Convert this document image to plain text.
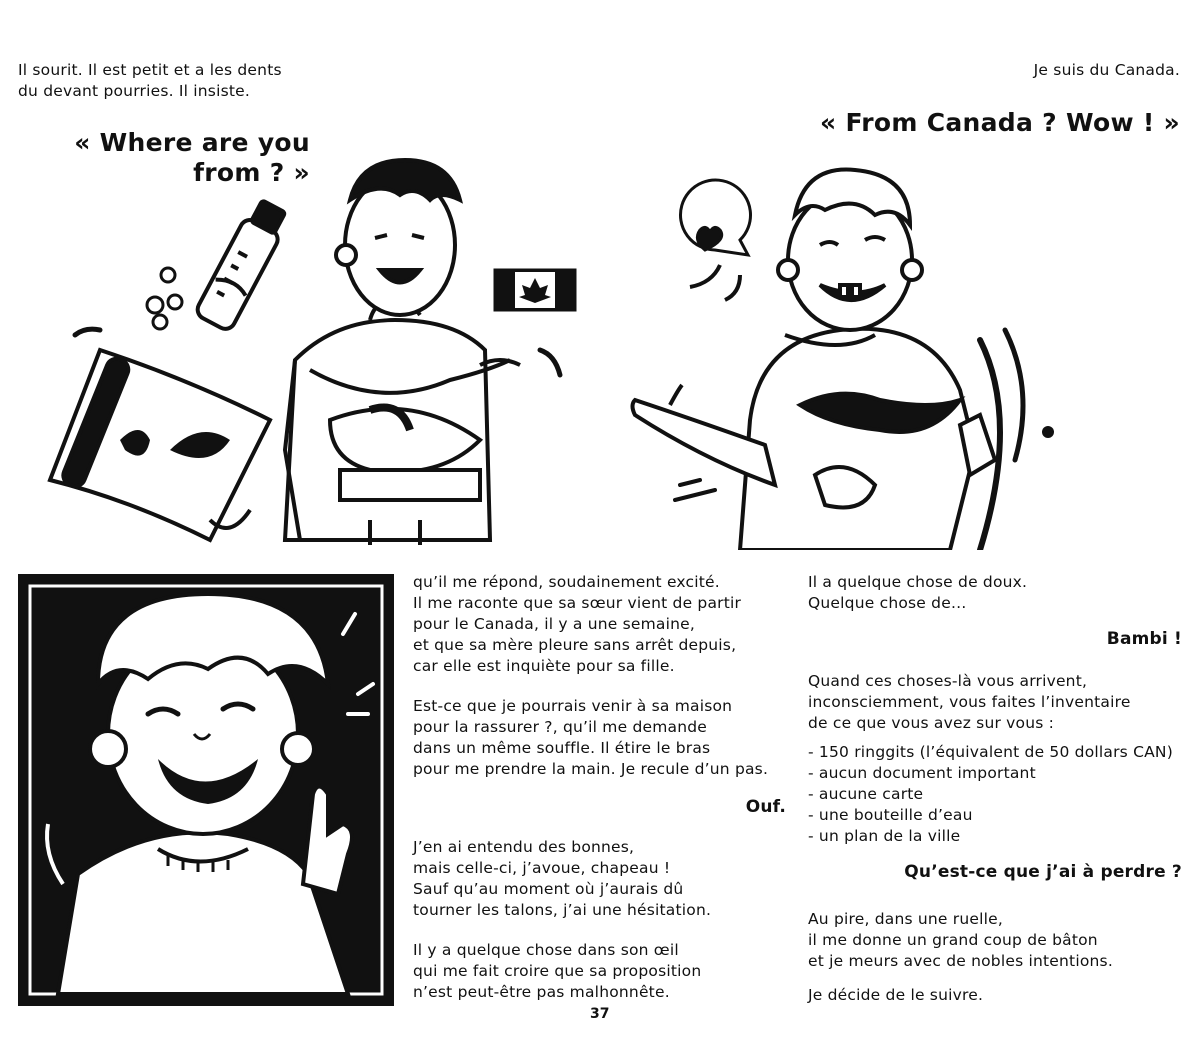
Il sourit. Il est petit et a les dents
du devant pourries. Il insiste.
Je suis du Canada.
« Where are you from ? »
« From Canada ? Wow ! »
qu’il me répond, soudainement excité.
Il me raconte que sa sœur vient de partir
pour le Canada, il y a une semaine,
et que sa mère pleure sans arrêt depuis,
car elle est inquiète pour sa fille.
Est-ce que je pourrais venir à sa maison
pour la rassurer ?, qu’il me demande
dans un même souffle. Il étire le bras
pour me prendre la main. Je recule d’un pas.
Ouf.
J’en ai entendu des bonnes,
mais celle-ci, j’avoue, chapeau !
Sauf qu’au moment où j’aurais dû
tourner les talons, j’ai une hésitation.
Il y a quelque chose dans son œil
qui me fait croire que sa proposition
n’est peut-être pas malhonnête.
Il a quelque chose de doux.
Quelque chose de…
Bambi !
Quand ces choses-là vous arrivent,
inconsciemment, vous faites l’inventaire
de ce que vous avez sur vous :
- 150 ringgits (l’équivalent de 50 dollars CAN)
- aucun document important
- aucune carte
- une bouteille d’eau
- un plan de la ville
Qu’est-ce que j’ai à perdre ?
Au pire, dans une ruelle,
il me donne un grand coup de bâton
et je meurs avec de nobles intentions.
Je décide de le suivre.
37
